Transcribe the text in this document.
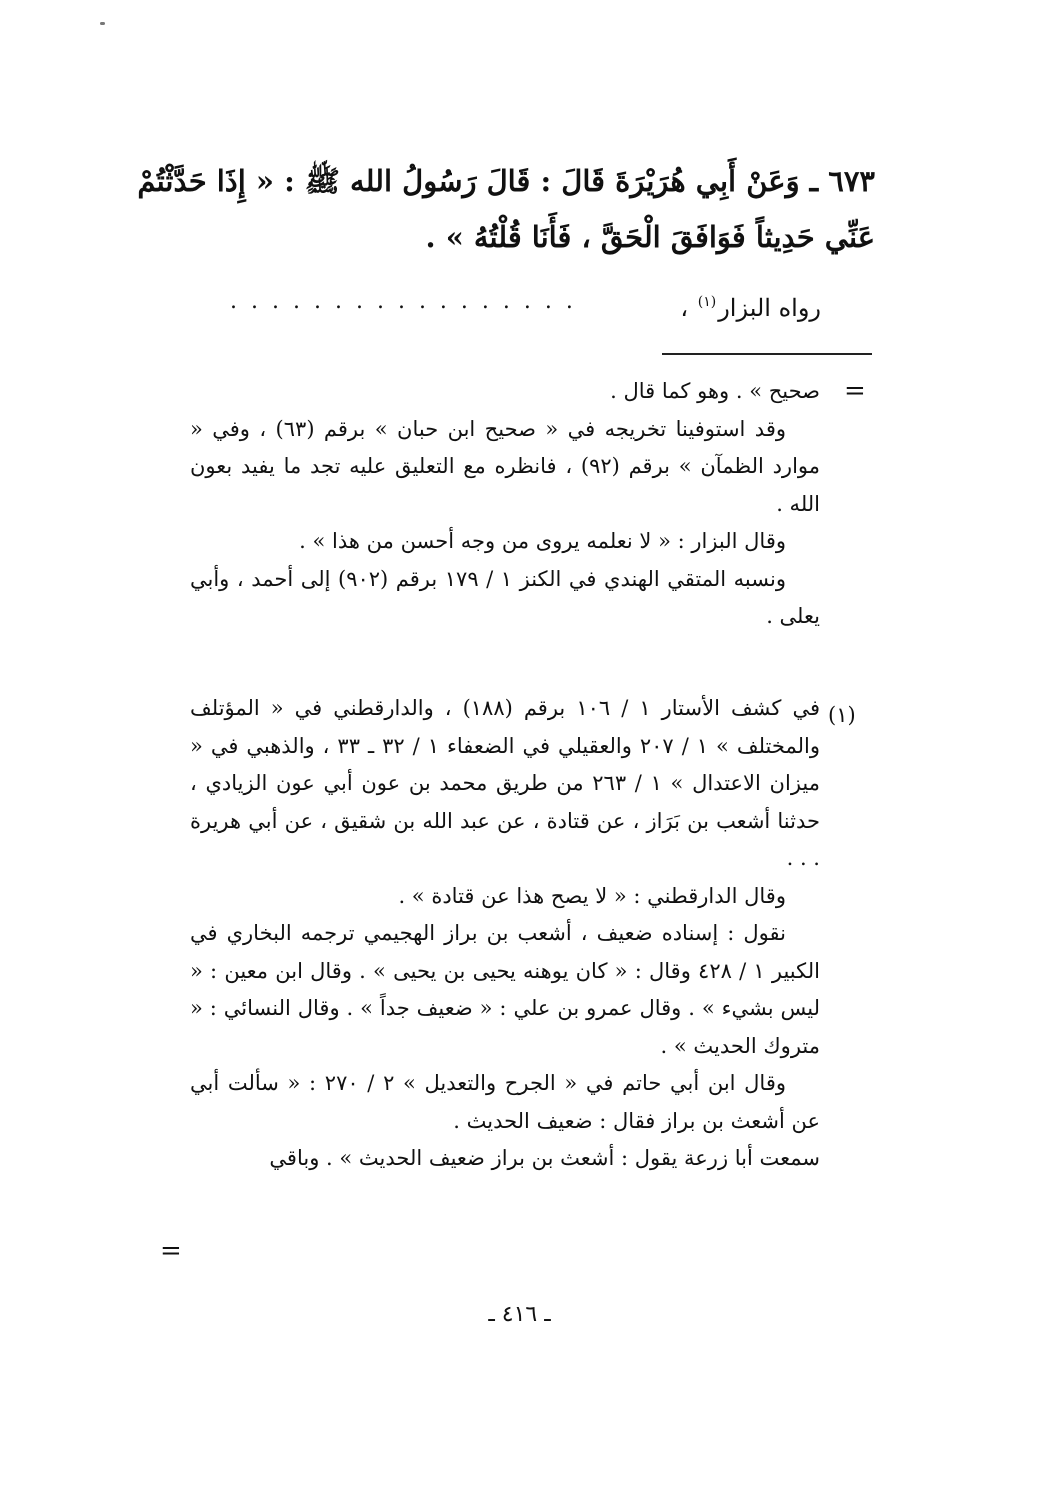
٦٧٣ ـ وَعَنْ أَبِي هُرَيْرَةَ قَالَ : قَالَ رَسُولُ الله ﷺ : « إِذَا حَدَّثْتُمْ
عَنِّي حَدِيثاً فَوَافَقَ الْحَقَّ ، فَأَنَا قُلْتُهُ » .
رواه البزار$^{(١)}$ ،
.................
=

صحيح » . وهو كما قال .

وقد استوفينا تخريجه في « صحيح ابن حبان » برقم (٦٣) ، وفي « موارد الظمآن » برقم (٩٢) ، فانظره مع التعليق عليه تجد ما يفيد بعون الله .

وقال البزار : « لا نعلمه يروى من وجه أحسن من هذا » .

ونسبه المتقي الهندي في الكنز ١ / ١٧٩ برقم (٩٠٢) إلى أحمد ، وأبي يعلى .

(١)

في كشف الأستار ١ / ١٠٦ برقم (١٨٨) ، والدارقطني في « المؤتلف والمختلف » ١ / ٢٠٧ والعقيلي في الضعفاء ١ / ٣٢ ـ ٣٣ ، والذهبي في « ميزان الاعتدال » ١ / ٢٦٣ من طريق محمد بن عون أبي عون الزيادي ، حدثنا أشعب بن بَرَاز ، عن قتادة ، عن عبد الله بن شقيق ، عن أبي هريرة . . .

وقال الدارقطني : « لا يصح هذا عن قتادة » .

نقول : إسناده ضعيف ، أشعب بن براز الهجيمي ترجمه البخاري في الكبير ١ / ٤٢٨ وقال : « كان يوهنه يحيى بن يحيى » . وقال ابن معين : « ليس بشيء » . وقال عمرو بن علي : « ضعيف جداً » . وقال النسائي : « متروك الحديث » .

وقال ابن أبي حاتم في « الجرح والتعديل » ٢ / ٢٧٠ : « سألت أبي عن أشعث بن براز فقال : ضعيف الحديث .

سمعت أبا زرعة يقول : أشعث بن براز ضعيف الحديث » . وباقي

=
ـ ٤١٦ ـ
